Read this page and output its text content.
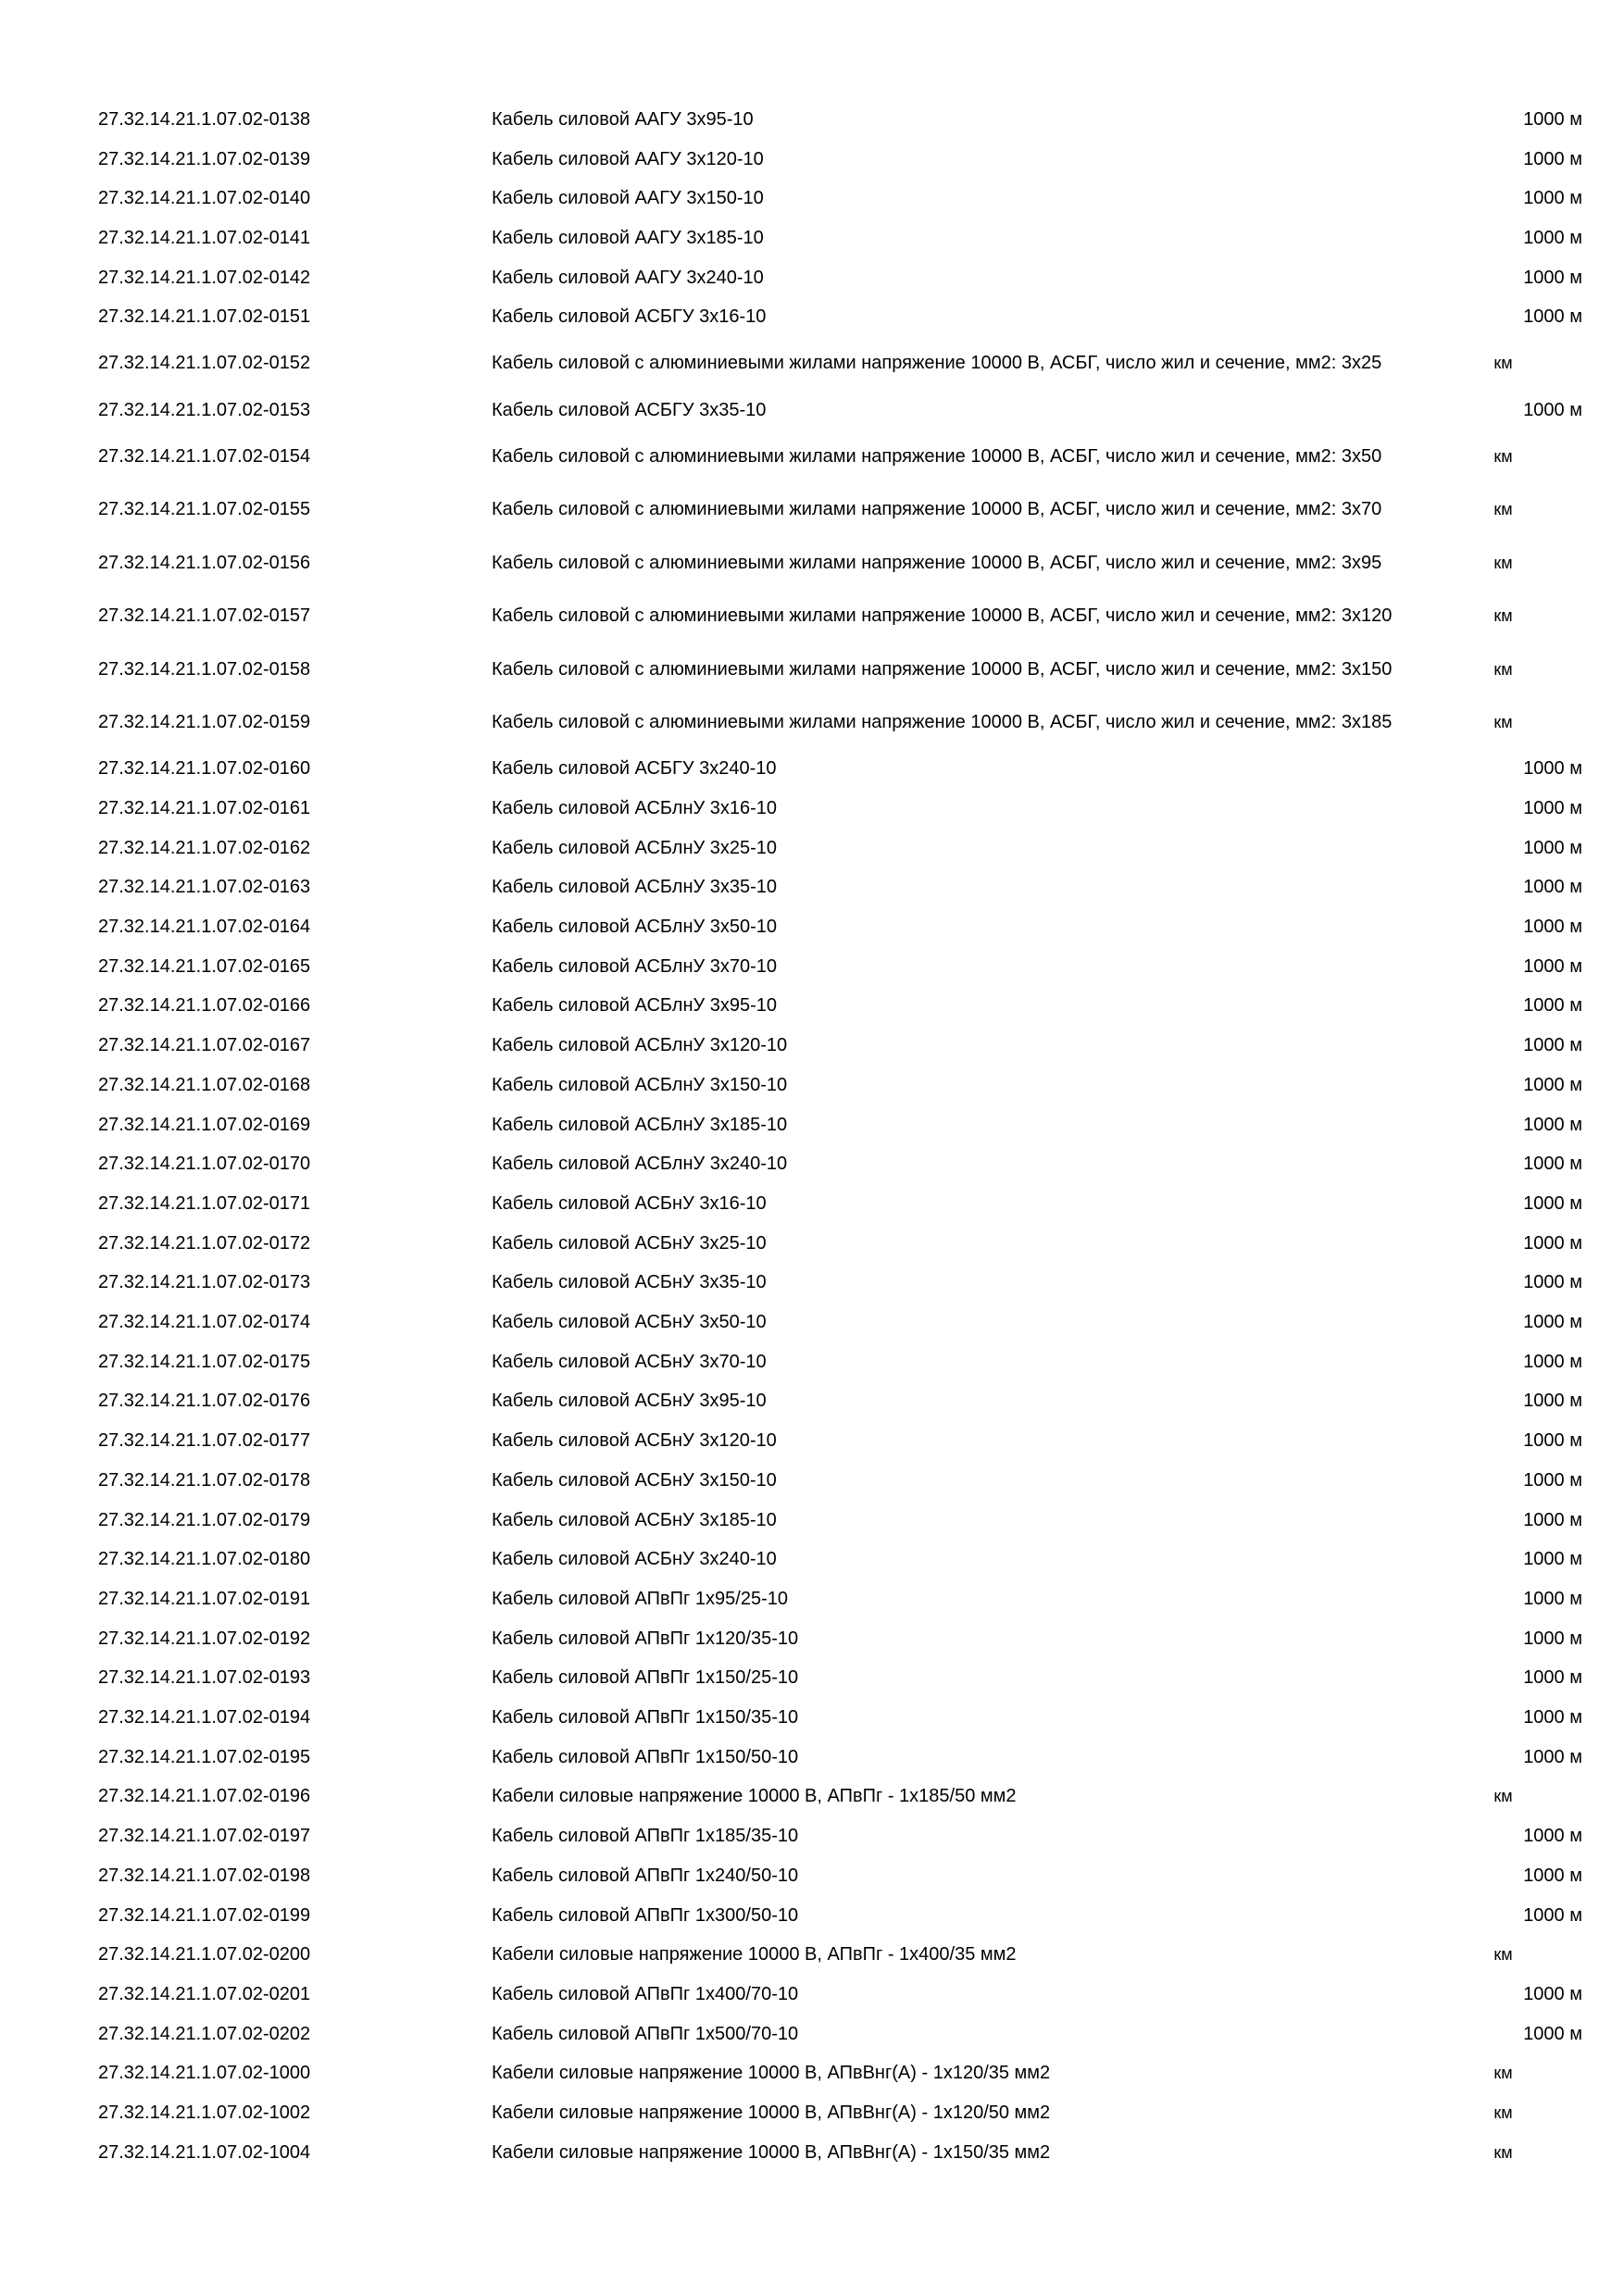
27.32.14.21.1.07.02-0138	Кабель силовой ААГУ 3х95-10	1000 м
27.32.14.21.1.07.02-0139	Кабель силовой ААГУ 3х120-10	1000 м
27.32.14.21.1.07.02-0140	Кабель силовой ААГУ 3х150-10	1000 м
27.32.14.21.1.07.02-0141	Кабель силовой ААГУ 3х185-10	1000 м
27.32.14.21.1.07.02-0142	Кабель силовой ААГУ 3х240-10	1000 м
27.32.14.21.1.07.02-0151	Кабель силовой АСБГУ 3х16-10	1000 м
27.32.14.21.1.07.02-0152	Кабель силовой с алюминиевыми жилами напряжение 10000 В, АСБГ, число жил и сечение, мм2: 3х25	км
27.32.14.21.1.07.02-0153	Кабель силовой АСБГУ 3х35-10	1000 м
27.32.14.21.1.07.02-0154	Кабель силовой с алюминиевыми жилами напряжение 10000 В, АСБГ, число жил и сечение, мм2: 3х50	км
27.32.14.21.1.07.02-0155	Кабель силовой с алюминиевыми жилами напряжение 10000 В, АСБГ, число жил и сечение, мм2: 3х70	км
27.32.14.21.1.07.02-0156	Кабель силовой с алюминиевыми жилами напряжение 10000 В, АСБГ, число жил и сечение, мм2: 3х95	км
27.32.14.21.1.07.02-0157	Кабель силовой с алюминиевыми жилами напряжение 10000 В, АСБГ, число жил и сечение, мм2: 3х120	км
27.32.14.21.1.07.02-0158	Кабель силовой с алюминиевыми жилами напряжение 10000 В, АСБГ, число жил и сечение, мм2: 3х150	км
27.32.14.21.1.07.02-0159	Кабель силовой с алюминиевыми жилами напряжение 10000 В, АСБГ, число жил и сечение, мм2: 3х185	км
27.32.14.21.1.07.02-0160	Кабель силовой АСБГУ 3х240-10	1000 м
27.32.14.21.1.07.02-0161	Кабель силовой АСБлнУ 3х16-10	1000 м
27.32.14.21.1.07.02-0162	Кабель силовой АСБлнУ 3х25-10	1000 м
27.32.14.21.1.07.02-0163	Кабель силовой АСБлнУ 3х35-10	1000 м
27.32.14.21.1.07.02-0164	Кабель силовой АСБлнУ 3х50-10	1000 м
27.32.14.21.1.07.02-0165	Кабель силовой АСБлнУ 3х70-10	1000 м
27.32.14.21.1.07.02-0166	Кабель силовой АСБлнУ 3х95-10	1000 м
27.32.14.21.1.07.02-0167	Кабель силовой АСБлнУ 3х120-10	1000 м
27.32.14.21.1.07.02-0168	Кабель силовой АСБлнУ 3х150-10	1000 м
27.32.14.21.1.07.02-0169	Кабель силовой АСБлнУ 3х185-10	1000 м
27.32.14.21.1.07.02-0170	Кабель силовой АСБлнУ 3х240-10	1000 м
27.32.14.21.1.07.02-0171	Кабель силовой АСБнУ 3х16-10	1000 м
27.32.14.21.1.07.02-0172	Кабель силовой АСБнУ 3х25-10	1000 м
27.32.14.21.1.07.02-0173	Кабель силовой АСБнУ 3х35-10	1000 м
27.32.14.21.1.07.02-0174	Кабель силовой АСБнУ 3х50-10	1000 м
27.32.14.21.1.07.02-0175	Кабель силовой АСБнУ 3х70-10	1000 м
27.32.14.21.1.07.02-0176	Кабель силовой АСБнУ 3х95-10	1000 м
27.32.14.21.1.07.02-0177	Кабель силовой АСБнУ 3х120-10	1000 м
27.32.14.21.1.07.02-0178	Кабель силовой АСБнУ 3х150-10	1000 м
27.32.14.21.1.07.02-0179	Кабель силовой АСБнУ 3х185-10	1000 м
27.32.14.21.1.07.02-0180	Кабель силовой АСБнУ 3х240-10	1000 м
27.32.14.21.1.07.02-0191	Кабель силовой АПвПг 1х95/25-10	1000 м
27.32.14.21.1.07.02-0192	Кабель силовой АПвПг 1х120/35-10	1000 м
27.32.14.21.1.07.02-0193	Кабель силовой АПвПг 1х150/25-10	1000 м
27.32.14.21.1.07.02-0194	Кабель силовой АПвПг 1х150/35-10	1000 м
27.32.14.21.1.07.02-0195	Кабель силовой АПвПг 1х150/50-10	1000 м
27.32.14.21.1.07.02-0196	Кабели силовые напряжение 10000 В, АПвПг - 1х185/50 мм2	км
27.32.14.21.1.07.02-0197	Кабель силовой АПвПг 1х185/35-10	1000 м
27.32.14.21.1.07.02-0198	Кабель силовой АПвПг 1х240/50-10	1000 м
27.32.14.21.1.07.02-0199	Кабель силовой АПвПг 1х300/50-10	1000 м
27.32.14.21.1.07.02-0200	Кабели силовые напряжение 10000 В, АПвПг - 1х400/35 мм2	км
27.32.14.21.1.07.02-0201	Кабель силовой АПвПг 1х400/70-10	1000 м
27.32.14.21.1.07.02-0202	Кабель силовой АПвПг 1х500/70-10	1000 м
27.32.14.21.1.07.02-1000	Кабели силовые напряжение 10000 В, АПвВнг(А) - 1х120/35 мм2	км
27.32.14.21.1.07.02-1002	Кабели силовые напряжение 10000 В, АПвВнг(А) - 1х120/50 мм2	км
27.32.14.21.1.07.02-1004	Кабели силовые напряжение 10000 В, АПвВнг(А) - 1х150/35 мм2	км
